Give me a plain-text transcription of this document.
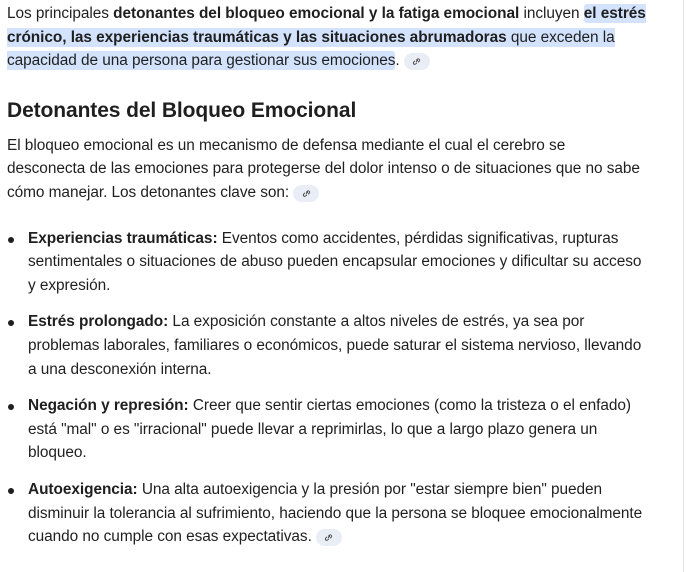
Los principales detonantes del bloqueo emocional y la fatiga emocional incluyen el estrés crónico, las experiencias traumáticas y las situaciones abrumadoras que exceden la capacidad de una persona para gestionar sus emociones.

Detonantes del Bloqueo Emocional

El bloqueo emocional es un mecanismo de defensa mediante el cual el cerebro se desconecta de las emociones para protegerse del dolor intenso o de situaciones que no sabe cómo manejar. Los detonantes clave son:

Experiencias traumáticas: Eventos como accidentes, pérdidas significativas, rupturas sentimentales o situaciones de abuso pueden encapsular emociones y dificultar su acceso y expresión.
Estrés prolongado: La exposición constante a altos niveles de estrés, ya sea por problemas laborales, familiares o económicos, puede saturar el sistema nervioso, llevando a una desconexión interna.
Negación y represión: Creer que sentir ciertas emociones (como la tristeza o el enfado) está "mal" o es "irracional" puede llevar a reprimirlas, lo que a largo plazo genera un bloqueo.
Autoexigencia: Una alta autoexigencia y la presión por "estar siempre bien" pueden disminuir la tolerancia al sufrimiento, haciendo que la persona se bloquee emocionalmente cuando no cumple con esas expectativas.
